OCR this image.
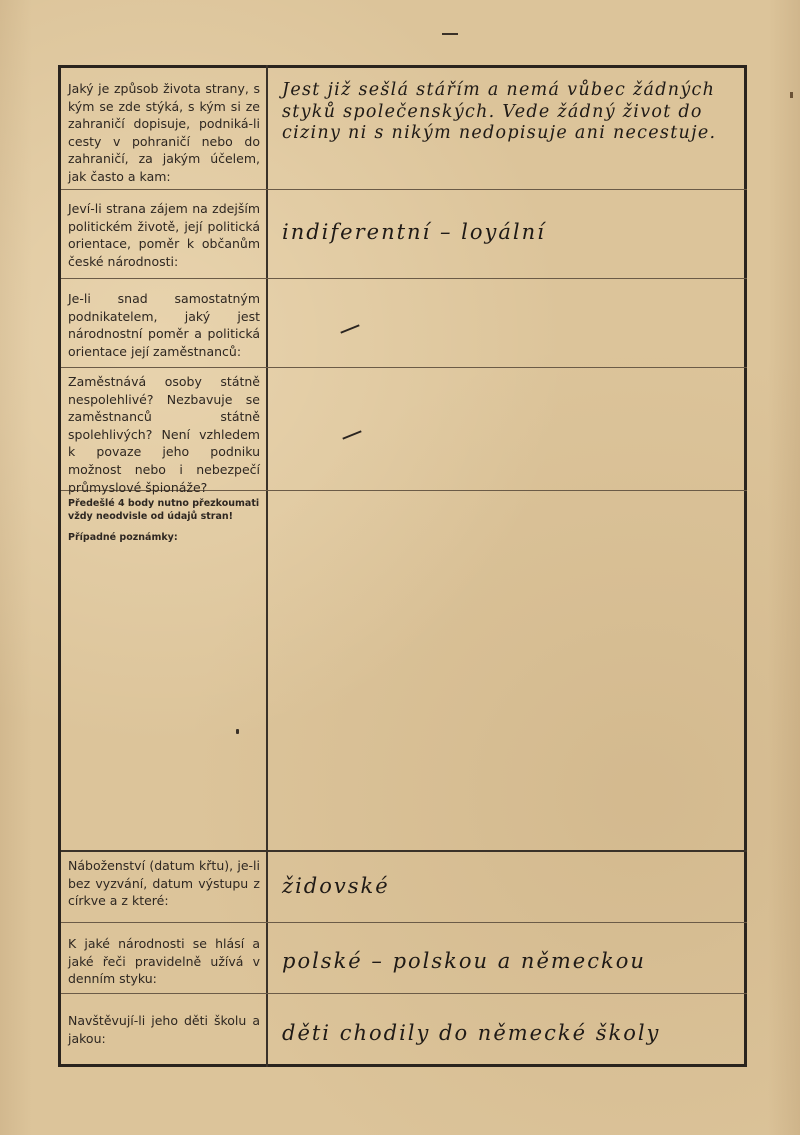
Jaký je způsob života strany, s kým se zde stýká, s kým si ze zahraničí dopisuje, podniká-li cesty v pohraničí nebo do zahraničí, za jakým účelem, jak často a kam:
Jest již sešlá stářím a nemá vůbec žádných styků společenských. Vede žádný život do ciziny ni s nikým nedopisuje ani necestuje.
Jeví-li strana zájem na zdejším politickém životě, její politická orientace, poměr k občanům české národnosti:
indiferentní – loyální
Je-li snad samostatným podnikatelem, jaký jest národnostní poměr a politická orientace její zaměstnanců:
Zaměstnává osoby státně nespolehlivé? Nezbavuje se zaměstnanců státně spolehlivých? Není vzhledem k povaze jeho podniku možnost nebo i nebezpečí průmyslové špionáže?
Předešlé 4 body nutno přezkoumati vždy neodvisle od údajů stran!
Případné poznámky:
Náboženství (datum křtu), je-li bez vyzvání, datum výstupu z církve a z které:
židovské
K jaké národnosti se hlásí a jaké řeči pravidelně užívá v denním styku:
polské – polskou a německou
Navštěvují-li jeho děti školu a jakou:	děti chodily do německé školy
